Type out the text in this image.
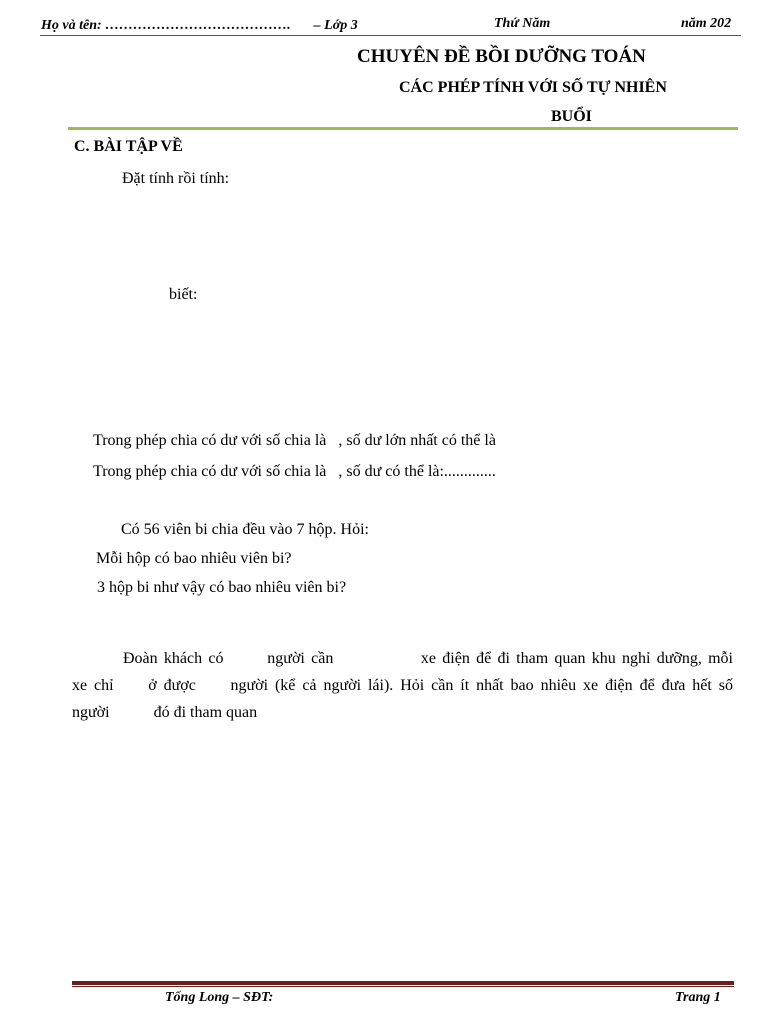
Họ và tên: …………………………………. – Lớp 3	Thứ Năm	năm 202
CHUYÊN ĐỀ BỒI DƯỠNG TOÁN
CÁC PHÉP TÍNH VỚI SỐ TỰ NHIÊN
BUỔI
C. BÀI TẬP VỀ
Đặt tính rồi tính:
biết:
Trong phép chia có dư với số chia là   , số dư lớn nhất có thể là
Trong phép chia có dư với số chia là   , số dư có thể là:.............
Có 56 viên bi chia đều vào 7 hộp. Hỏi:
Mỗi hộp có bao nhiêu viên bi?
3 hộp bi như vậy có bao nhiêu viên bi?
Đoàn khách có       người cần              xe điện để đi tham quan khu nghỉ dưỡng, mỗi
xe chỉ     ở được     người (kể cả người lái). Hỏi cần ít nhất bao nhiêu xe điện để đưa hết số
người           đó đi tham quan
Tống Long – SĐT:	Trang 1
